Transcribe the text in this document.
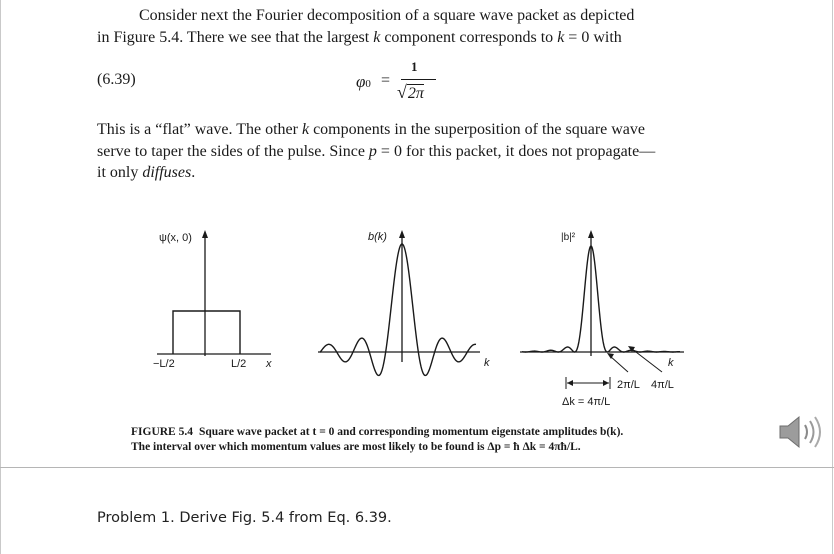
Consider next the Fourier decomposition of a square wave packet as depicted
in Figure 5.4. There we see that the largest k component corresponds to k = 0 with
(6.39)	φ0 =
1
√2π
This is a “flat” wave. The other k components in the superposition of the square wave
serve to taper the sides of the pulse. Since p = 0 for this packet, it does not propagate—
it only diffuses.
ψ(x, 0)
−L/2	L/2 x
b(k)
k
|b|²
k
2π/L 4π/L
Δk = 4π/L
FIGURE 5.4 Square wave packet at t = 0 and corresponding momentum eigenstate amplitudes b(k).
The interval over which momentum values are most likely to be found is Δp = ħ Δk = 4πħ/L.
Problem 1. Derive Fig. 5.4 from Eq. 6.39.
